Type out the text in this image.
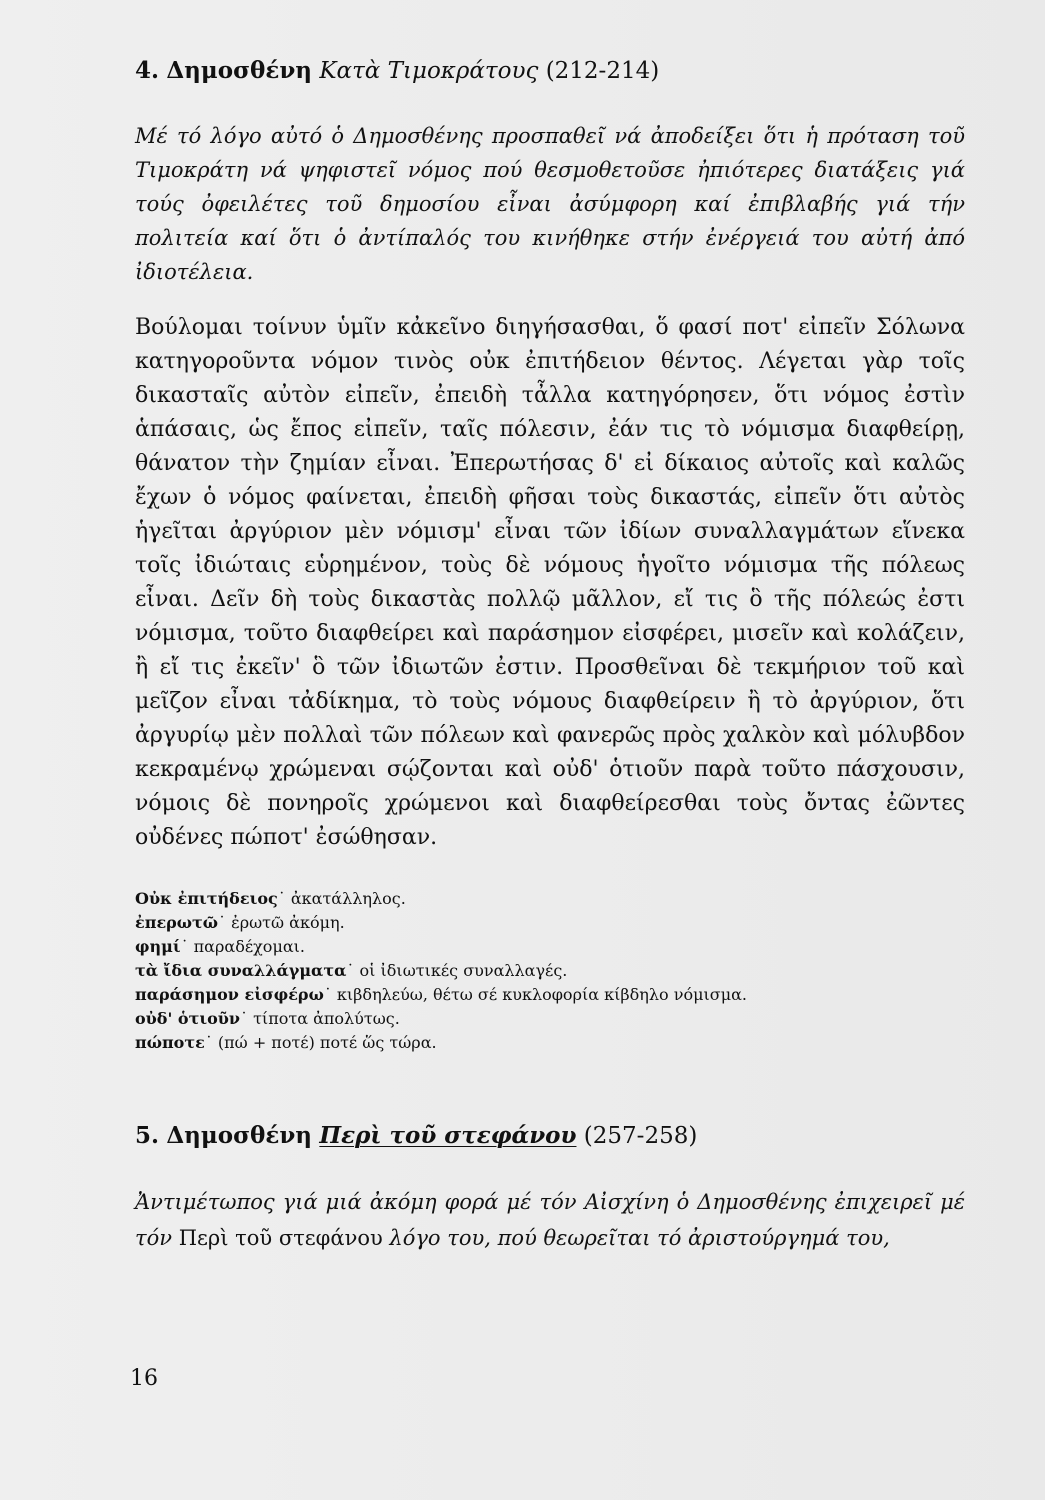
4. Δημοσθένη Κατὰ Τιμοκράτους (212-214)

Μέ τό λόγο αὐτό ὁ Δημοσθένης προσπαθεῖ νά ἀποδείξει ὅτι ἡ πρόταση τοῦ Τιμοκράτη νά ψηφιστεῖ νόμος πού θεσμοθετοῦσε ἠπιότερες διατάξεις γιά τούς ὀφειλέτες τοῦ δημοσίου εἶναι ἀσύμφορη καί ἐπιβλαβής γιά τήν πολιτεία καί ὅτι ὁ ἀντίπαλός του κινήθηκε στήν ἐνέργειά του αὐτή ἀπό ἰδιοτέλεια.

Βούλομαι τοίνυν ὑμῖν κἀκεῖνο διηγήσασθαι, ὅ φασί ποτ' εἰπεῖν Σόλωνα κατηγοροῦντα νόμον τινὸς οὐκ ἐπιτήδειον θέντος. Λέγεται γὰρ τοῖς δικασταῖς αὐτὸν εἰπεῖν, ἐπειδὴ τἆλλα κατηγόρησεν, ὅτι νόμος ἐστὶν ἁπάσαις, ὡς ἔπος εἰπεῖν, ταῖς πόλεσιν, ἐάν τις τὸ νόμισμα διαφθείρῃ, θάνατον τὴν ζημίαν εἶναι. Ἐπερωτήσας δ' εἰ δίκαιος αὐτοῖς καὶ καλῶς ἔχων ὁ νόμος φαίνεται, ἐπειδὴ φῆσαι τοὺς δικαστάς, εἰπεῖν ὅτι αὐτὸς ἡγεῖται ἀργύριον μὲν νόμισμ' εἶναι τῶν ἰδίων συναλλαγμάτων εἵνεκα τοῖς ἰδιώταις εὑρημένον, τοὺς δὲ νόμους ἡγοῖτο νόμισμα τῆς πόλεως εἶναι. Δεῖν δὴ τοὺς δικαστὰς πολλῷ μᾶλλον, εἴ τις ὃ τῆς πόλεώς ἐστι νόμισμα, τοῦτο διαφθείρει καὶ παράσημον εἰσφέρει, μισεῖν καὶ κολάζειν, ἢ εἴ τις ἐκεῖν' ὃ τῶν ἰδιωτῶν ἐστιν. Προσθεῖναι δὲ τεκμήριον τοῦ καὶ μεῖζον εἶναι τἀδίκημα, τὸ τοὺς νόμους διαφθείρειν ἢ τὸ ἀργύριον, ὅτι ἀργυρίῳ μὲν πολλαὶ τῶν πόλεων καὶ φανερῶς πρὸς χαλκὸν καὶ μόλυβδον κεκραμένῳ χρώμεναι σῴζονται καὶ οὐδ' ὁτιοῦν παρὰ τοῦτο πάσχουσιν, νόμοις δὲ πονηροῖς χρώμενοι καὶ διαφθείρεσθαι τοὺς ὄντας ἐῶντες οὐδένες πώποτ' ἐσώθησαν.

Οὐκ ἐπιτήδειος˙ ἀκατάλληλος.
ἐπερωτῶ˙ ἐρωτῶ ἀκόμη.
φημί˙ παραδέχομαι.
τὰ ἴδια συναλλάγματα˙ οἱ ἰδιωτικές συναλλαγές.
παράσημον εἰσφέρω˙ κιβδηλεύω, θέτω σέ κυκλοφορία κίβδηλο νόμισμα.
οὐδ' ὁτιοῦν˙ τίποτα ἀπολύτως.
πώποτε˙ (πώ + ποτέ) ποτέ ὥς τώρα.
5. Δημοσθένη Περὶ τοῦ στεφάνου (257-258)

Ἀντιμέτωπος γιά μιά ἀκόμη φορά μέ τόν Αἰσχίνη ὁ Δημοσθένης ἐπιχειρεῖ μέ τόν Περὶ τοῦ στεφάνου λόγο του, πού θεωρεῖται τό ἀριστούργημά του,

16
